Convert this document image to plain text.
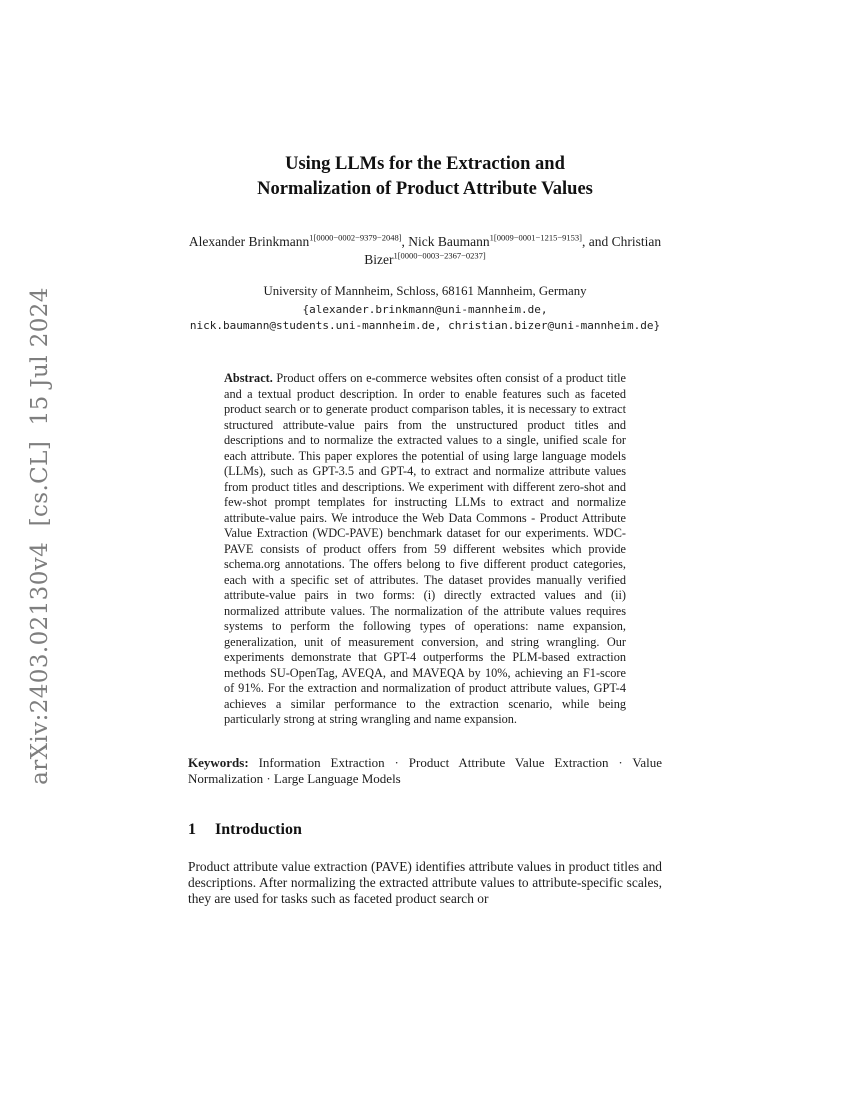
arXiv:2403.02130v4  [cs.CL]  15 Jul 2024
Using LLMs for the Extraction and
Normalization of Product Attribute Values
Alexander Brinkmann$^{1[0000-0002-9379-2048]}$, Nick Baumann$^{1[0009-0001-1215-9153]}$, and Christian Bizer$^{1[0000-0003-2367-0237]}$
University of Mannheim, Schloss, 68161 Mannheim, Germany
{alexander.brinkmann@uni-mannheim.de,
nick.baumann@students.uni-mannheim.de, christian.bizer@uni-mannheim.de}

Abstract. Product offers on e-commerce websites often consist of a product title and a textual product description. In order to enable features such as faceted product search or to generate product comparison tables, it is necessary to extract structured attribute-value pairs from the unstructured product titles and descriptions and to normalize the extracted values to a single, unified scale for each attribute. This paper explores the potential of using large language models (LLMs), such as GPT-3.5 and GPT-4, to extract and normalize attribute values from product titles and descriptions. We experiment with different zero-shot and few-shot prompt templates for instructing LLMs to extract and normalize attribute-value pairs. We introduce the Web Data Commons - Product Attribute Value Extraction (WDC-PAVE) benchmark dataset for our experiments. WDC-PAVE consists of product offers from 59 different websites which provide schema.org annotations. The offers belong to five different product categories, each with a specific set of attributes. The dataset provides manually verified attribute-value pairs in two forms: (i) directly extracted values and (ii) normalized attribute values. The normalization of the attribute values requires systems to perform the following types of operations: name expansion, generalization, unit of measurement conversion, and string wrangling. Our experiments demonstrate that GPT-4 outperforms the PLM-based extraction methods SU-OpenTag, AVEQA, and MAVEQA by 10%, achieving an F1-score of 91%. For the extraction and normalization of product attribute values, GPT-4 achieves a similar performance to the extraction scenario, while being particularly strong at string wrangling and name expansion.

Keywords: Information Extraction · Product Attribute Value Extraction · Value Normalization · Large Language Models

1 Introduction

Product attribute value extraction (PAVE) identifies attribute values in product titles and descriptions. After normalizing the extracted attribute values to attribute-specific scales, they are used for tasks such as faceted product search or
